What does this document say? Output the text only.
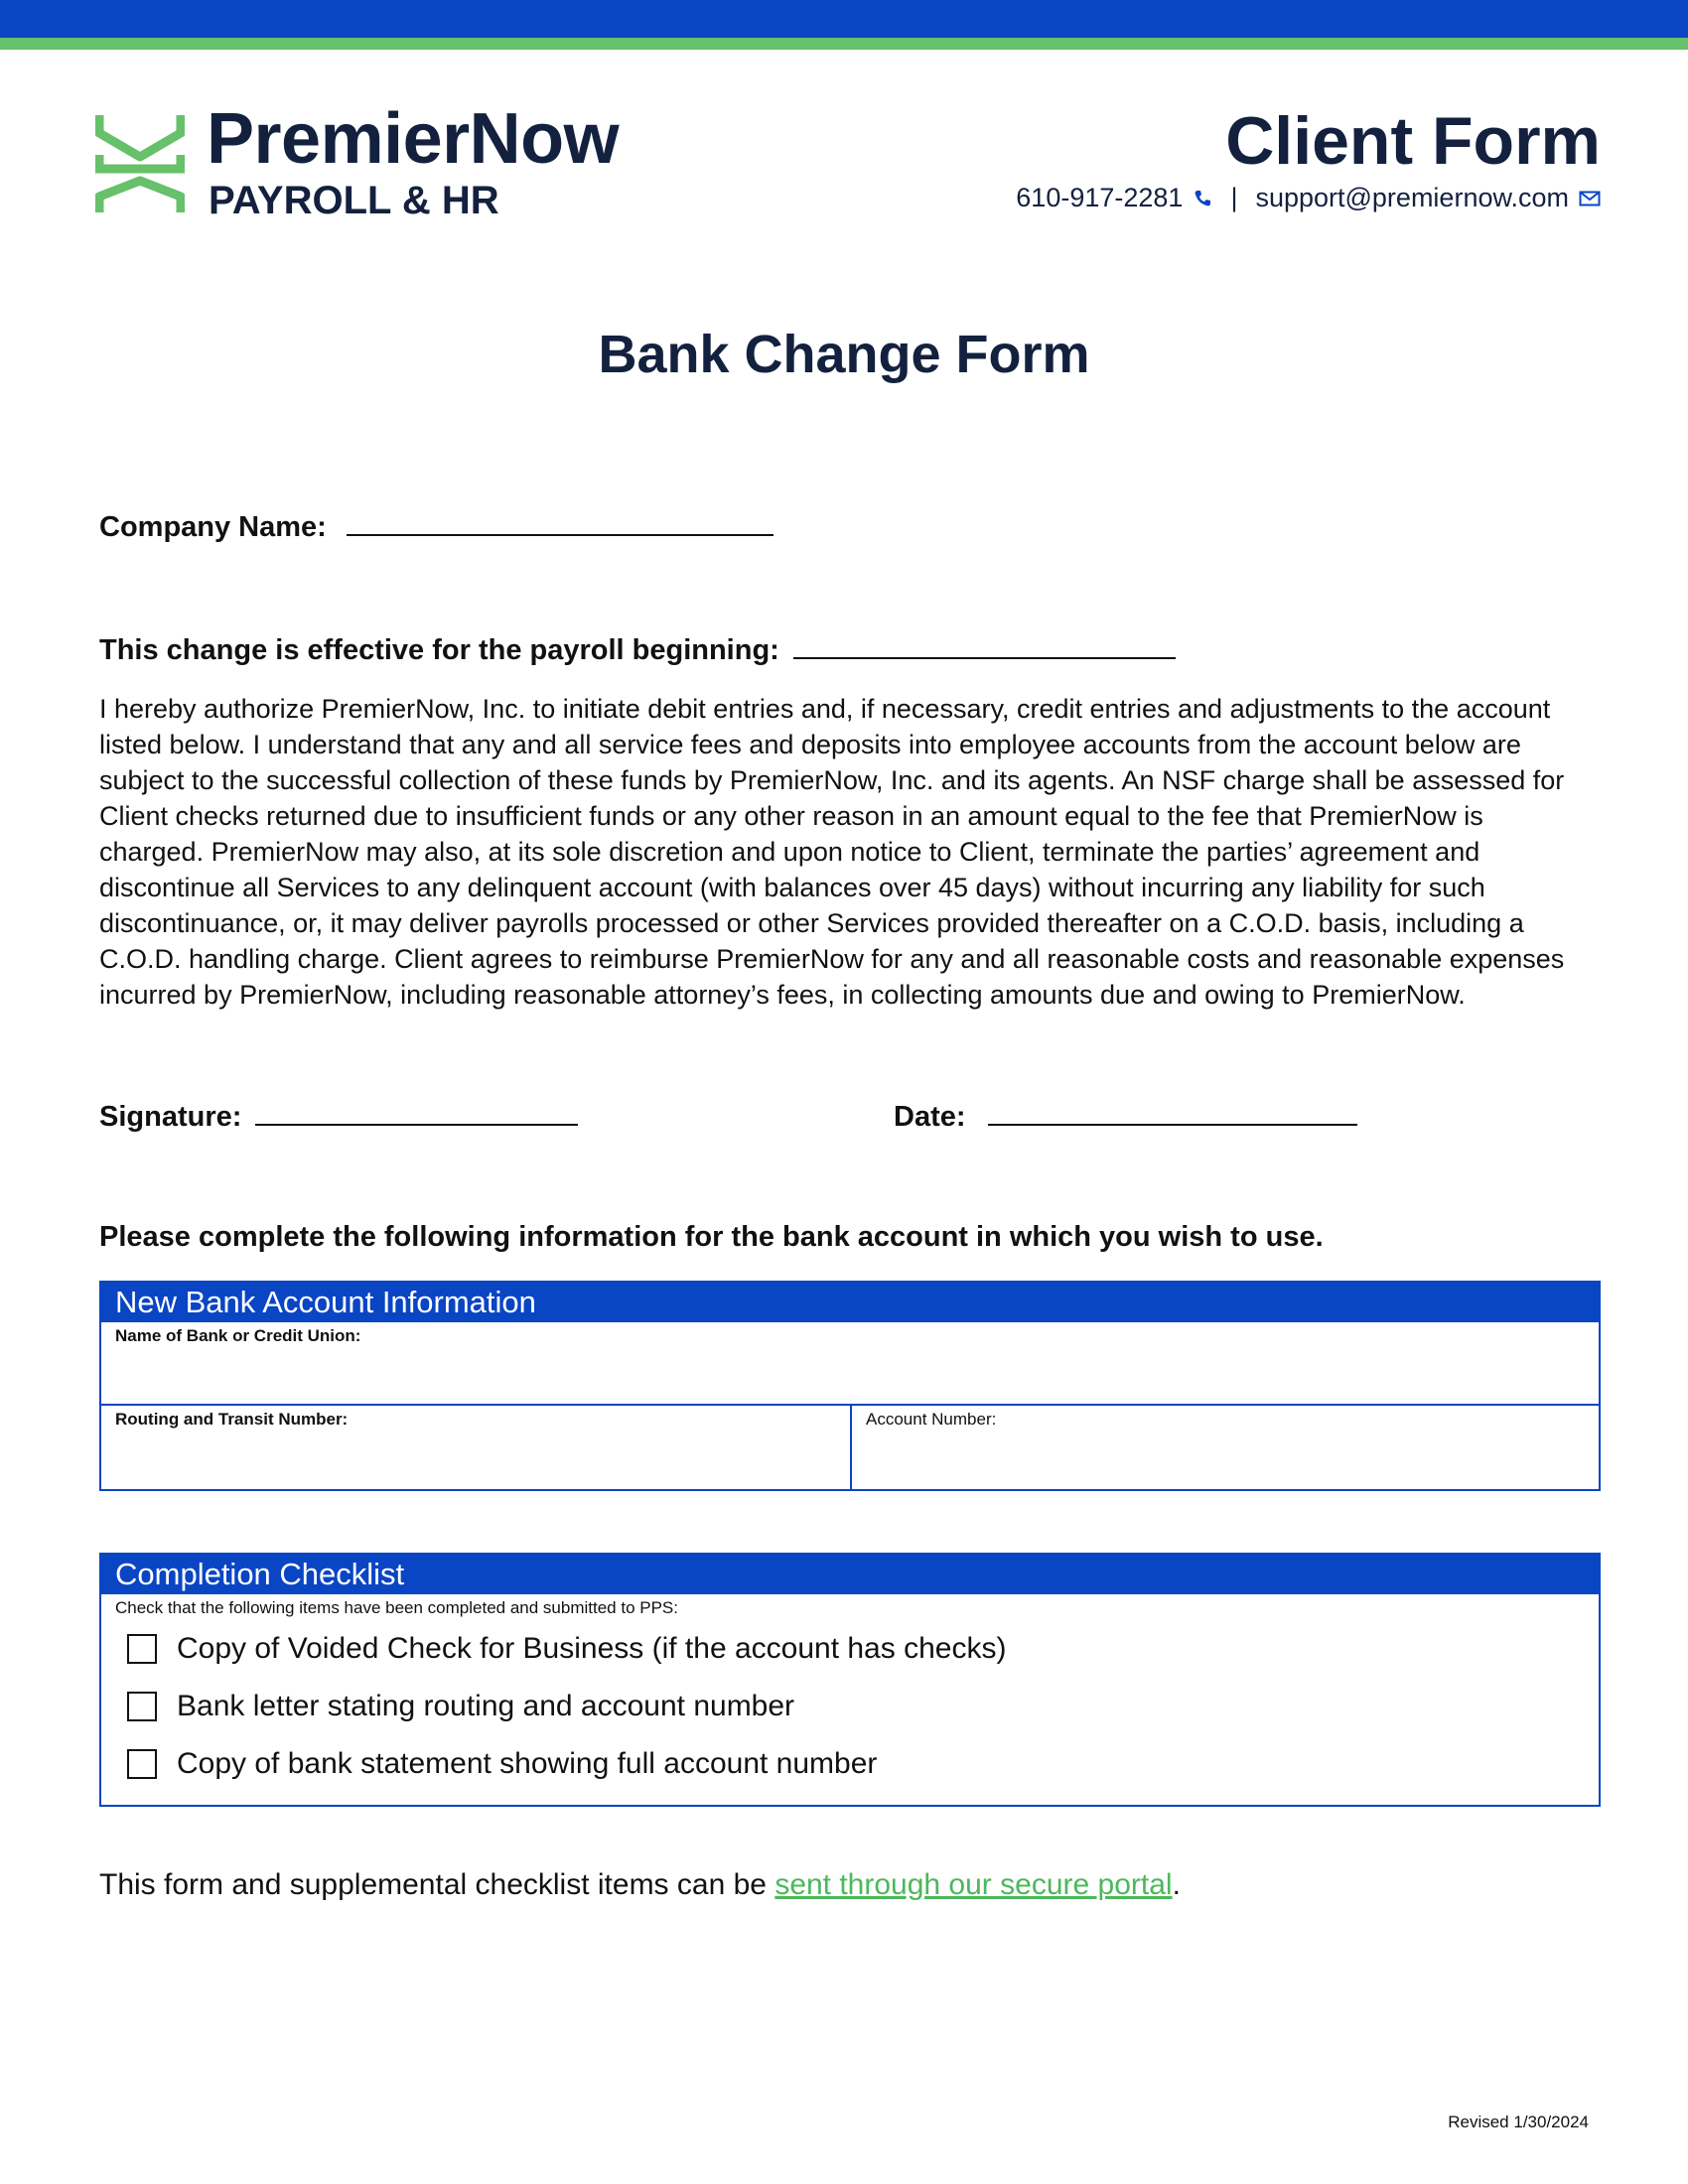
PremierNow
PAYROLL & HR
Client Form
610-917-2281 | support@premiernow.com
Bank Change Form
Company Name:
This change is effective for the payroll beginning:
I hereby authorize PremierNow, Inc. to initiate debit entries and, if necessary, credit entries and adjustments to the account listed below. I understand that any and all service fees and deposits into employee accounts from the account below are subject to the successful collection of these funds by PremierNow, Inc. and its agents. An NSF charge shall be assessed for Client checks returned due to insufficient funds or any other reason in an amount equal to the fee that PremierNow is charged. PremierNow may also, at its sole discretion and upon notice to Client, terminate the parties’ agreement and discontinue all Services to any delinquent account (with balances over 45 days) without incurring any liability for such discontinuance, or, it may deliver payrolls processed or other Services provided thereafter on a C.O.D. basis, including a C.O.D. handling charge. Client agrees to reimburse PremierNow for any and all reasonable costs and reasonable expenses incurred by PremierNow, including reasonable attorney’s fees, in collecting amounts due and owing to PremierNow.
Signature:	Date:
Please complete the following information for the bank account in which you wish to use.
New Bank Account Information
Name of Bank or Credit Union:
Routing and Transit Number:	Account Number:
Completion Checklist
Check that the following items have been completed and submitted to PPS:
Copy of Voided Check for Business (if the account has checks)
Bank letter stating routing and account number
Copy of bank statement showing full account number
This form and supplemental checklist items can be sent through our secure portal.
Revised 1/30/2024
